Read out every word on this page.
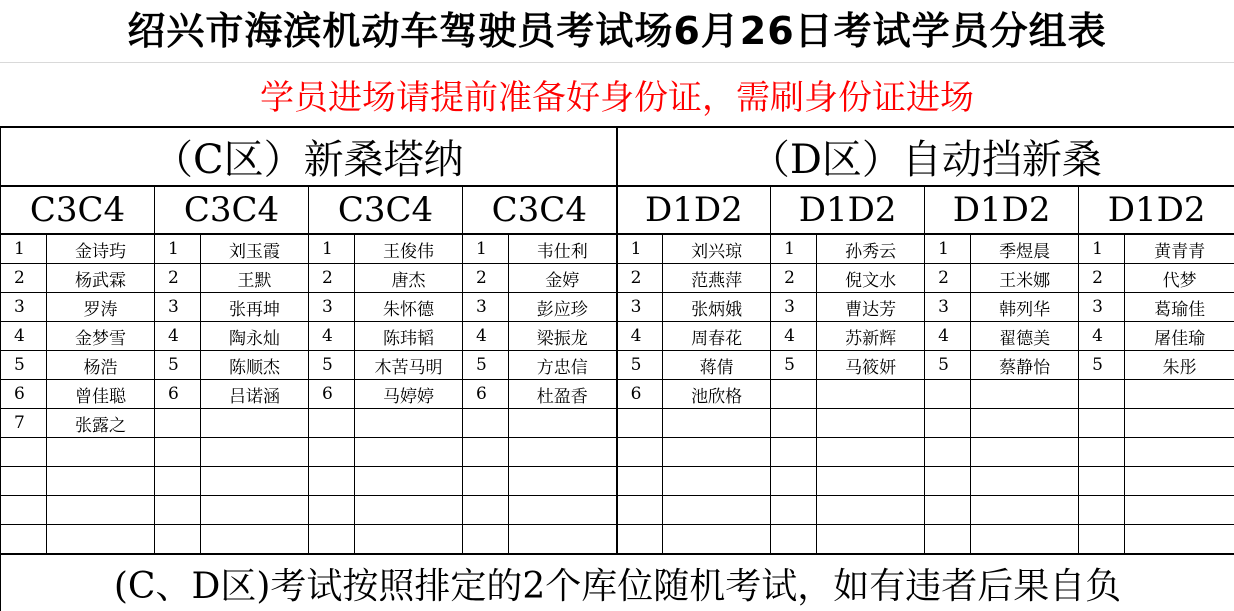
绍兴市海滨机动车驾驶员考试场6月26日考试学员分组表
学员进场请提前准备好身份证，需刷身份证进场
（C区）新桑塔纳								（D区）自动挡新桑							
C3C4		C3C4		C3C4		C3C4		D1D2		D1D2		D1D2		D1D2	
1	金诗玙	1	刘玉霞	1	王俊伟	1	韦仕利	1	刘兴琼	1	孙秀云	1	季煜晨	1	黄青青
2	杨武霖	2	王默	2	唐杰	2	金婷	2	范燕萍	2	倪文水	2	王米娜	2	代梦
3	罗涛	3	张再坤	3	朱怀德	3	彭应珍	3	张炳娥	3	曹达芳	3	韩列华	3	葛瑜佳
4	金梦雪	4	陶永灿	4	陈玮韬	4	梁振龙	4	周春花	4	苏新辉	4	翟德美	4	屠佳瑜
5	杨浩	5	陈顺杰	5	木苦马明	5	方忠信	5	蒋倩	5	马筱妍	5	蔡静怡	5	朱彤
6	曾佳聪	6	吕诺涵	6	马婷婷	6	杜盈香	6	池欣格						
7	张露之														

(C、D区)考试按照排定的2个库位随机考试，如有违者后果自负															
